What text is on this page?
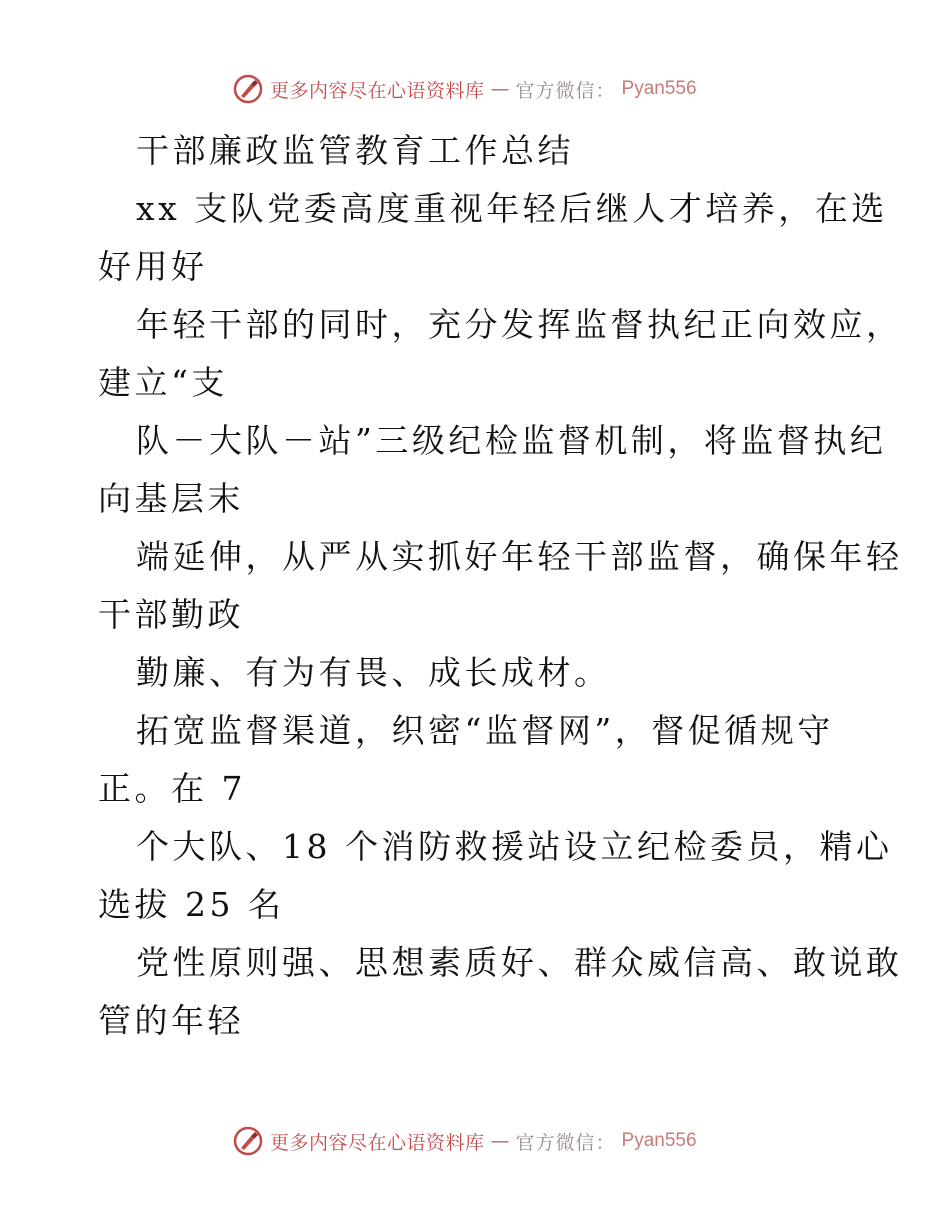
更多内容尽在心语资料库 — 官方微信： Pyan556
干部廉政监管教育工作总结
xx 支队党委高度重视年轻后继人才培养，在选
好用好
年轻干部的同时，充分发挥监督执纪正向效应，
建立“支
队－大队－站”三级纪检监督机制，将监督执纪
向基层末
端延伸，从严从实抓好年轻干部监督，确保年轻
干部勤政
勤廉、有为有畏、成长成材。
拓宽监督渠道，织密“监督网”，督促循规守
正。在 7
个大队、18 个消防救援站设立纪检委员，精心
选拔 25 名
党性原则强、思想素质好、群众威信高、敢说敢
管的年轻
更多内容尽在心语资料库 — 官方微信： Pyan556
